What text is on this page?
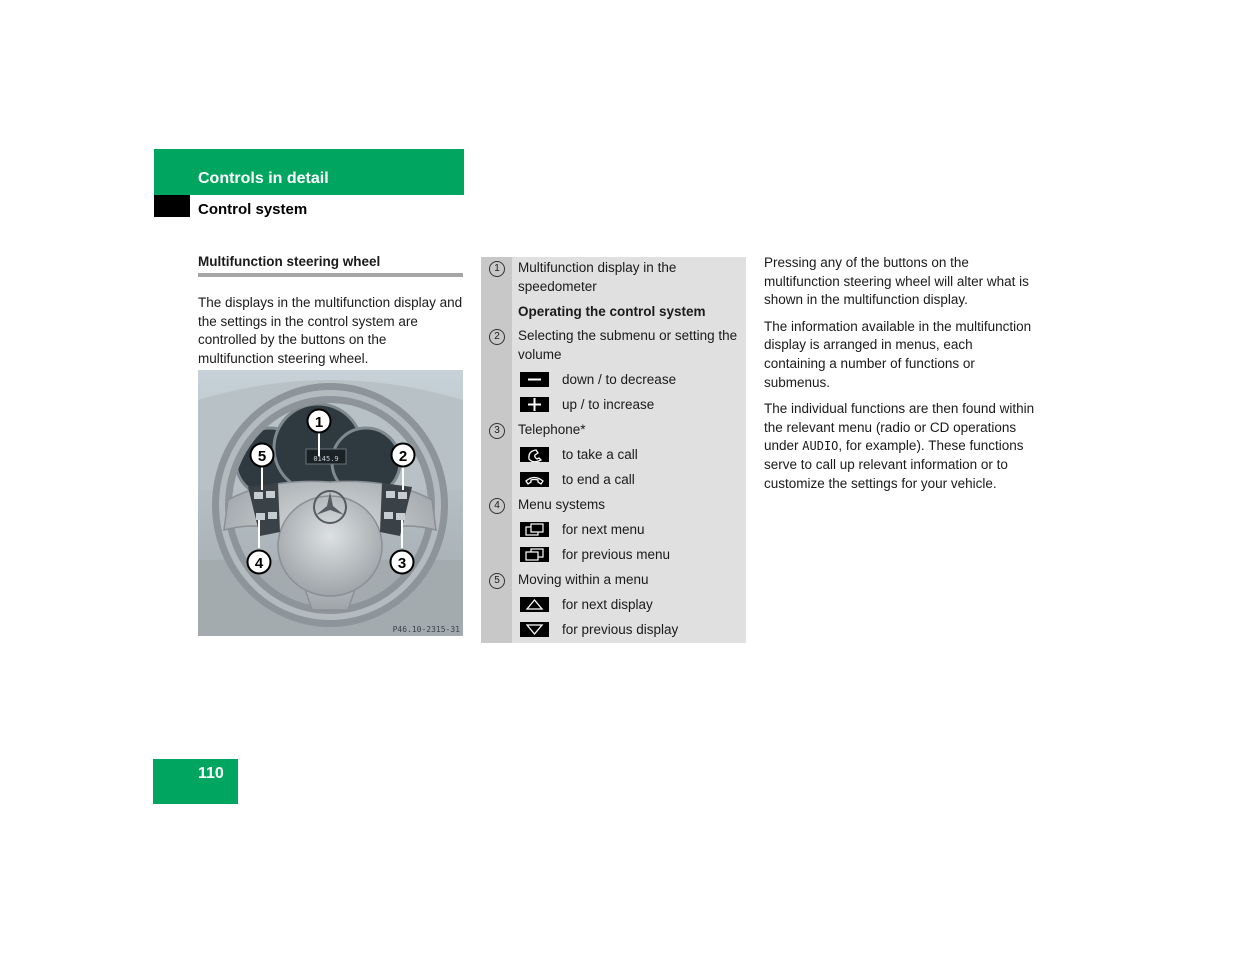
Controls in detail
Control system
Multifunction steering wheel
The displays in the multifunction display and the settings in the control system are controlled by the buttons on the multifunction steering wheel.
0145.9
1
2
3
4
5
P46.10-2315-31
1	Multifunction display in the speedometer
Operating the control system
2	Selecting the submenu or setting the volume
down / to decrease
up / to increase
3	Telephone*
to take a call
to end a call
4	Menu systems
for next menu
for previous menu
5	Moving within a menu
for next display
for previous display

Pressing any of the buttons on the multifunction steering wheel will alter what is shown in the multifunction display.

The information available in the multifunction display is arranged in menus, each containing a number of functions or submenus.

The individual functions are then found within the relevant menu (radio or CD operations under AUDIO, for example). These functions serve to call up relevant information or to customize the settings for your vehicle.

110
